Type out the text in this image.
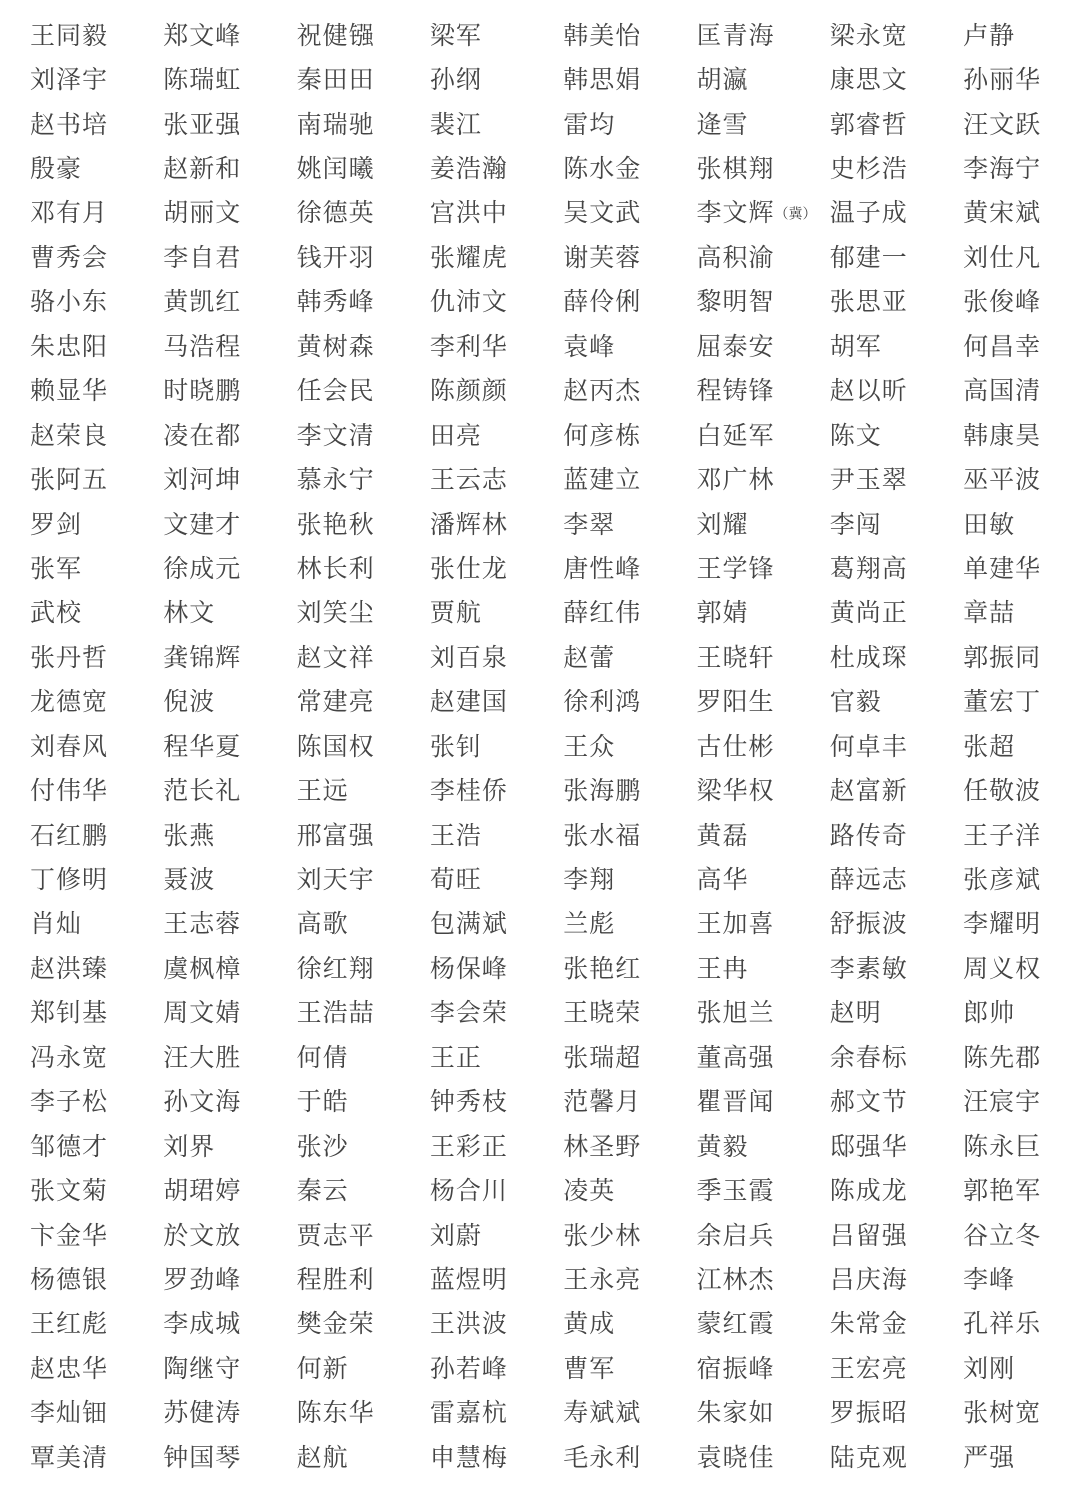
王同毅	郑文峰	祝健镪	梁军	韩美怡	匡青海	梁永宽	卢静
刘泽宇	陈瑞虹	秦田田	孙纲	韩思娟	胡瀛	康思文	孙丽华
赵书培	张亚强	南瑞驰	裴江	雷均	逄雪	郭睿哲	汪文跃
殷豪	赵新和	姚闰曦	姜浩瀚	陈水金	张棋翔	史杉浩	李海宁
邓有月	胡丽文	徐德英	宫洪中	吴文武	李文辉（冀） 温子成	黄宋斌
曹秀会	李自君	钱开羽	张耀虎	谢芙蓉	高积渝	郁建一	刘仕凡
骆小东	黄凯红	韩秀峰	仇沛文	薛伶俐	黎明智	张思亚	张俊峰
朱忠阳	马浩程	黄树森	李利华	袁峰	屈泰安	胡军	何昌幸
赖显华	时晓鹏	任会民	陈颜颜	赵丙杰	程铸锋	赵以昕	高国清
赵荣良	凌在都	李文清	田亮	何彦栋	白延军	陈文	韩康昊
张阿五	刘河坤	慕永宁	王云志	蓝建立	邓广林	尹玉翠	巫平波
罗剑	文建才	张艳秋	潘辉林	李翠	刘耀	李闯	田敏
张军	徐成元	林长利	张仕龙	唐性峰	王学锋	葛翔高	单建华
武校	林文	刘笑尘	贾航	薛红伟	郭婧	黄尚正	章喆
张丹哲	龚锦辉	赵文祥	刘百泉	赵蕾	王晓轩	杜成琛	郭振同
龙德宽	倪波	常建亮	赵建国	徐利鸿	罗阳生	官毅	董宏丁
刘春风	程华夏	陈国权	张钊	王众	古仕彬	何卓丰	张超
付伟华	范长礼	王远	李桂侨	张海鹏	梁华权	赵富新	任敬波
石红鹏	张燕	邢富强	王浩	张水福	黄磊	路传奇	王子洋
丁修明	聂波	刘天宇	荀旺	李翔	高华	薛远志	张彦斌
肖灿	王志蓉	高歌	包满斌	兰彪	王加喜	舒振波	李耀明
赵洪臻	虞枫樟	徐红翔	杨保峰	张艳红	王冉	李素敏	周义权
郑钊基	周文婧	王浩喆	李会荣	王晓荣	张旭兰	赵明	郎帅
冯永宽	汪大胜	何倩	王正	张瑞超	董高强	余春标	陈先郡
李子松	孙文海	于皓	钟秀枝	范馨月	瞿晋闻	郝文节	汪宸宇
邹德才	刘界	张沙	王彩正	林圣野	黄毅	邸强华	陈永巨
张文菊	胡珺婷	秦云	杨合川	凌英	季玉霞	陈成龙	郭艳军
卞金华	於文放	贾志平	刘蔚	张少林	余启兵	吕留强	谷立冬
杨德银	罗劲峰	程胜利	蓝煜明	王永亮	江林杰	吕庆海	李峰
王红彪	李成城	樊金荣	王洪波	黄成	蒙红霞	朱常金	孔祥乐
赵忠华	陶继守	何新	孙若峰	曹军	宿振峰	王宏亮	刘刚
李灿钿	苏健涛	陈东华	雷嘉杭	寿斌斌	朱家如	罗振昭	张树宽
覃美清	钟国琴	赵航	申慧梅	毛永利	袁晓佳	陆克观	严强
